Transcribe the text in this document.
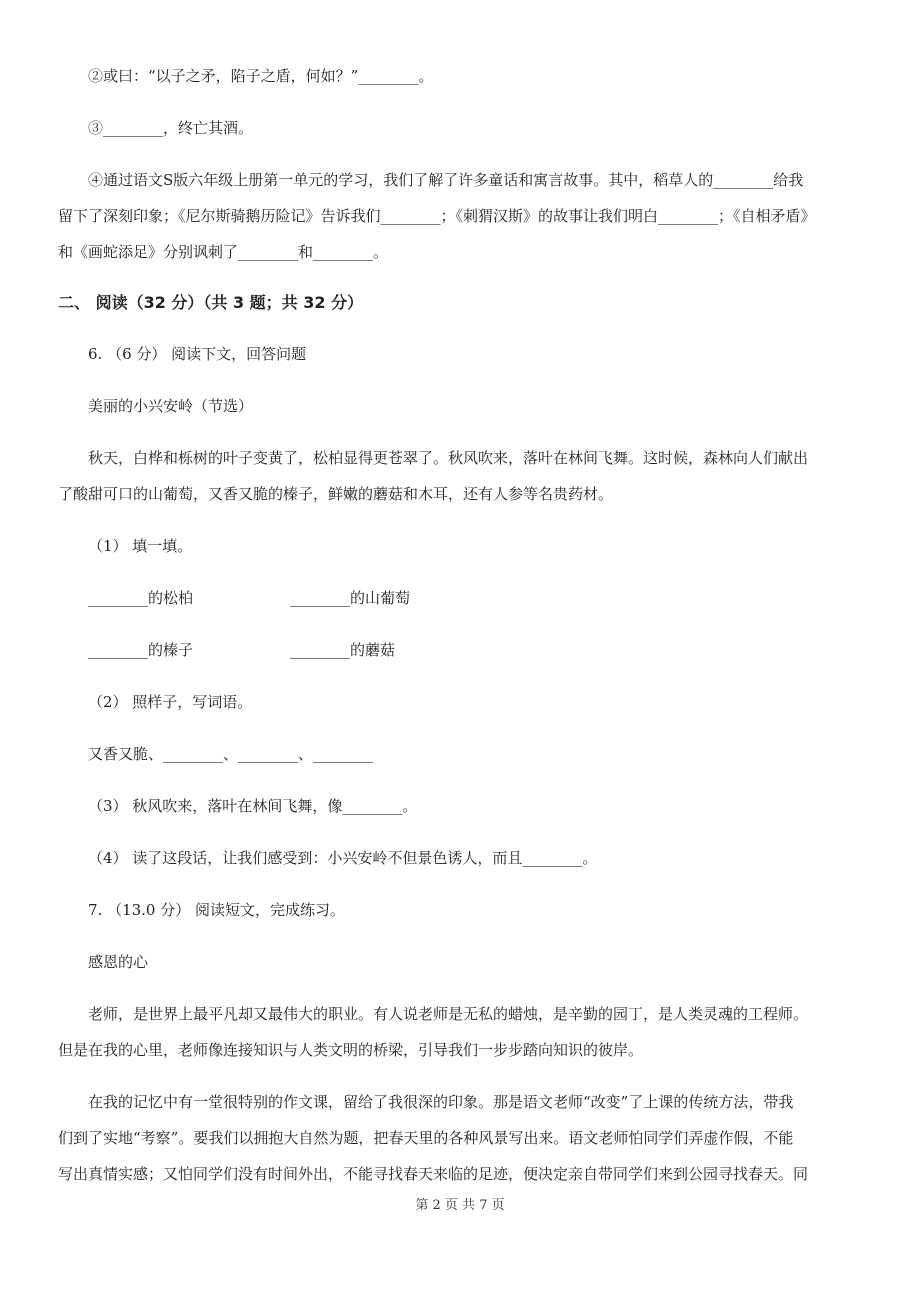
②或曰：“以子之矛，陷子之盾，何如？”________。
③________，终亡其酒。
④通过语文S版六年级上册第一单元的学习，我们了解了许多童话和寓言故事。其中，稻草人的________给我
留下了深刻印象；《尼尔斯骑鹅历险记》告诉我们________；《刺猬汉斯》的故事让我们明白________；《自相矛盾》
和《画蛇添足》分别讽刺了________和________。
二、 阅读（32 分）（共 3 题；共 32 分）
6. （6 分） 阅读下文，回答问题
美丽的小兴安岭（节选）
秋天，白桦和栎树的叶子变黄了，松柏显得更苍翠了。秋风吹来，落叶在林间飞舞。这时候，森林向人们献出
了酸甜可口的山葡萄，又香又脆的榛子，鲜嫩的蘑菇和木耳，还有人参等名贵药材。
（1） 填一填。
________的松柏	________的山葡萄
________的榛子	________的蘑菇
（2） 照样子，写词语。
又香又脆、________、________、________
（3） 秋风吹来，落叶在林间飞舞，像________。
（4） 读了这段话，让我们感受到：小兴安岭不但景色诱人，而且________。
7. （13.0 分） 阅读短文，完成练习。
感恩的心
老师，是世界上最平凡却又最伟大的职业。有人说老师是无私的蜡烛，是辛勤的园丁，是人类灵魂的工程师。
但是在我的心里，老师像连接知识与人类文明的桥梁，引导我们一步步踏向知识的彼岸。
在我的记忆中有一堂很特别的作文课，留给了我很深的印象。那是语文老师“改变”了上课的传统方法，带我
们到了实地“考察”。要我们以拥抱大自然为题，把春天里的各种风景写出来。语文老师怕同学们弄虚作假，不能
写出真情实感；又怕同学们没有时间外出，不能寻找春天来临的足迹，便决定亲自带同学们来到公园寻找春天。同
第 2 页 共 7 页
